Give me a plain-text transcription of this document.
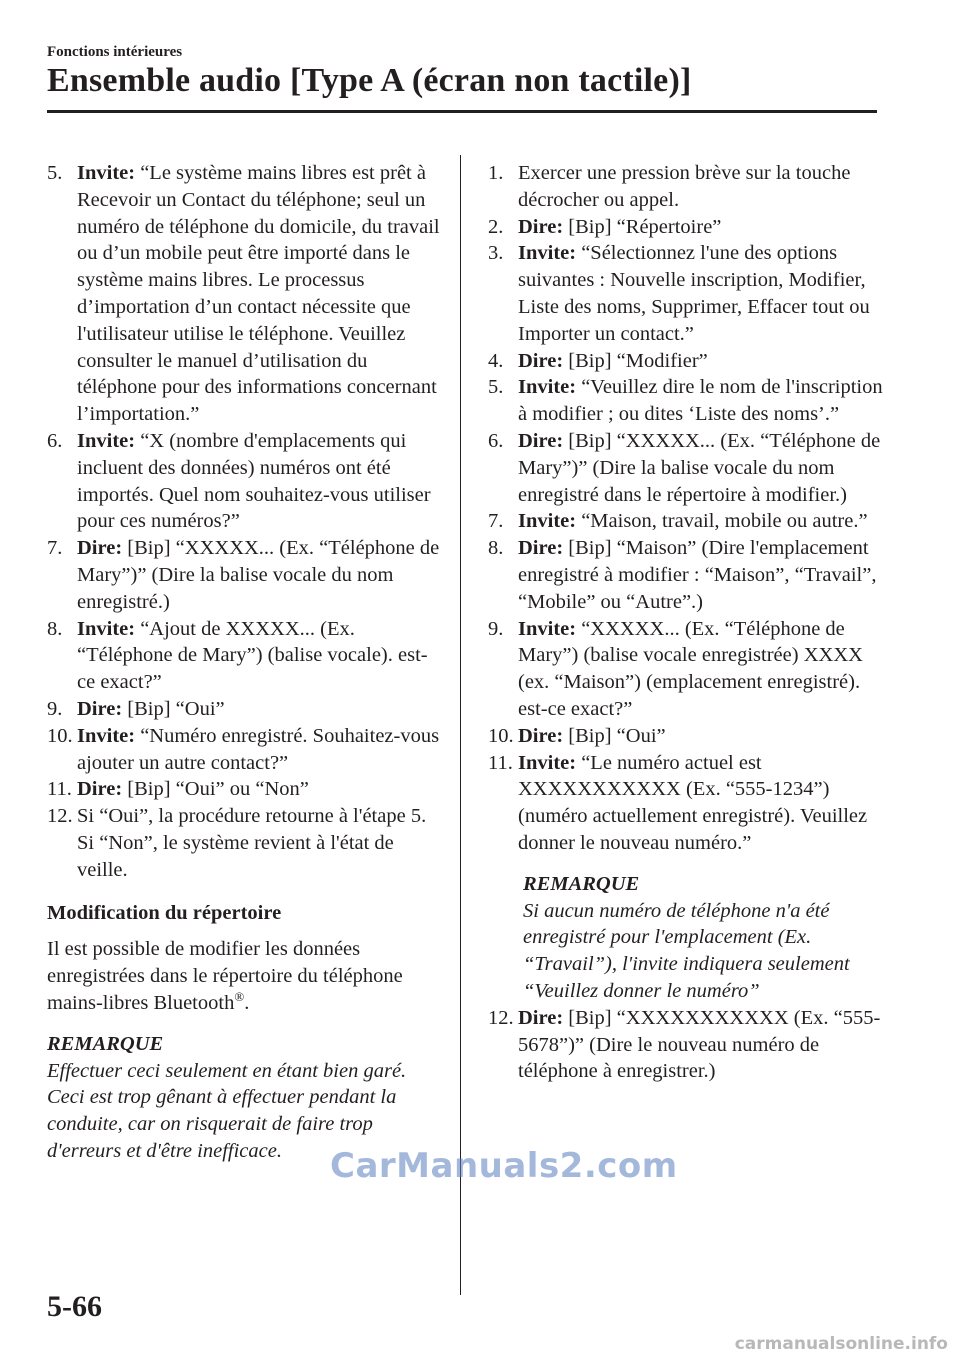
Fonctions intérieures
Ensemble audio [Type A (écran non tactile)]
5. Invite: “Le système mains libres est prêt à Recevoir un Contact du téléphone; seul un numéro de téléphone du domicile, du travail ou d’un mobile peut être importé dans le système mains libres. Le processus d’importation d’un contact nécessite que l'utilisateur utilise le téléphone. Veuillez consulter le manuel d’utilisation du téléphone pour des informations concernant l’importation.”
6. Invite: “X (nombre d'emplacements qui incluent des données) numéros ont été importés. Quel nom souhaitez-vous utiliser pour ces numéros?”
7. Dire: [Bip] “XXXXX... (Ex. “Téléphone de Mary”)” (Dire la balise vocale du nom enregistré.)
8. Invite: “Ajout de XXXXX... (Ex. “Téléphone de Mary”) (balise vocale). est-ce exact?”
9. Dire: [Bip] “Oui”
10. Invite: “Numéro enregistré. Souhaitez-vous ajouter un autre contact?”
11. Dire: [Bip] “Oui” ou “Non”
12. Si “Oui”, la procédure retourne à l'étape 5.
Si “Non”, le système revient à l'état de veille.
Modification du répertoire
Il est possible de modifier les données enregistrées dans le répertoire du téléphone mains-libres Bluetooth®.
REMARQUE
Effectuer ceci seulement en étant bien garé. Ceci est trop gênant à effectuer pendant la conduite, car on risquerait de faire trop d'erreurs et d'être inefficace.
1. Exercer une pression brève sur la touche décrocher ou appel.
2. Dire: [Bip] “Répertoire”
3. Invite: “Sélectionnez l'une des options suivantes : Nouvelle inscription, Modifier, Liste des noms, Supprimer, Effacer tout ou Importer un contact.”
4. Dire: [Bip] “Modifier”
5. Invite: “Veuillez dire le nom de l'inscription à modifier ; ou dites ‘Liste des noms’.”
6. Dire: [Bip] “XXXXX... (Ex. “Téléphone de Mary”)” (Dire la balise vocale du nom enregistré dans le répertoire à modifier.)
7. Invite: “Maison, travail, mobile ou autre.”
8. Dire: [Bip] “Maison” (Dire l'emplacement enregistré à modifier : “Maison”, “Travail”, “Mobile” ou “Autre”.)
9. Invite: “XXXXX... (Ex. “Téléphone de Mary”) (balise vocale enregistrée) XXXX (ex. “Maison”) (emplacement enregistré). est-ce exact?”
10. Dire: [Bip] “Oui”
11. Invite: “Le numéro actuel est XXXXXXXXXXX (Ex. “555-1234”) (numéro actuellement enregistré). Veuillez donner le nouveau numéro.”
REMARQUE
Si aucun numéro de téléphone n'a été enregistré pour l'emplacement (Ex. “Travail”), l'invite indiquera seulement “Veuillez donner le numéro”
12. Dire: [Bip] “XXXXXXXXXXX (Ex. “555-5678”)” (Dire le nouveau numéro de téléphone à enregistrer.)
CarManuals2.com
5-66
carmanualsonline.info
